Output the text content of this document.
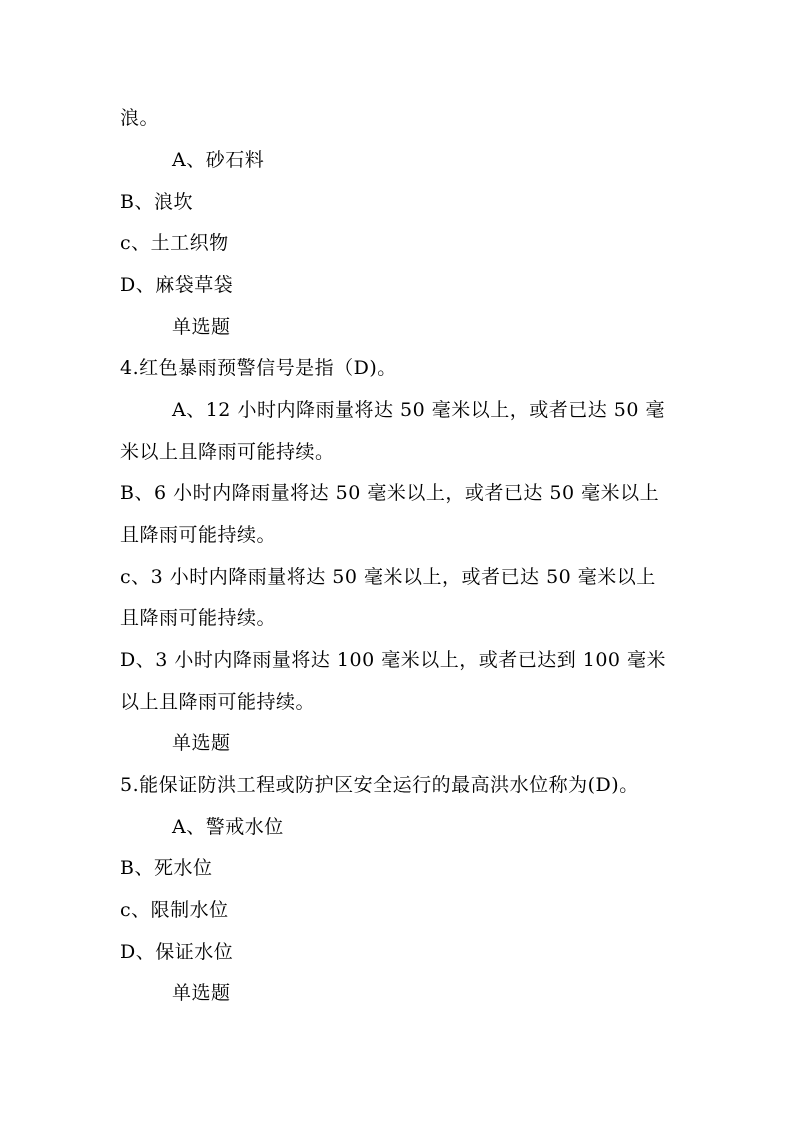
浪。
A、砂石料
B、浪坎
c、土工织物
D、麻袋草袋
单选题
4.红色暴雨预警信号是指（D)。
A、12 小时内降雨量将达 50 毫米以上，或者已达 50 毫
米以上且降雨可能持续。
B、6 小时内降雨量将达 50 毫米以上，或者已达 50 毫米以上
且降雨可能持续。
c、3 小时内降雨量将达 50 毫米以上，或者已达 50 毫米以上
且降雨可能持续。
D、3 小时内降雨量将达 100 毫米以上，或者已达到 100 毫米
以上且降雨可能持续。
单选题
5.能保证防洪工程或防护区安全运行的最高洪水位称为(D)。
A、警戒水位
B、死水位
c、限制水位
D、保证水位
单选题
